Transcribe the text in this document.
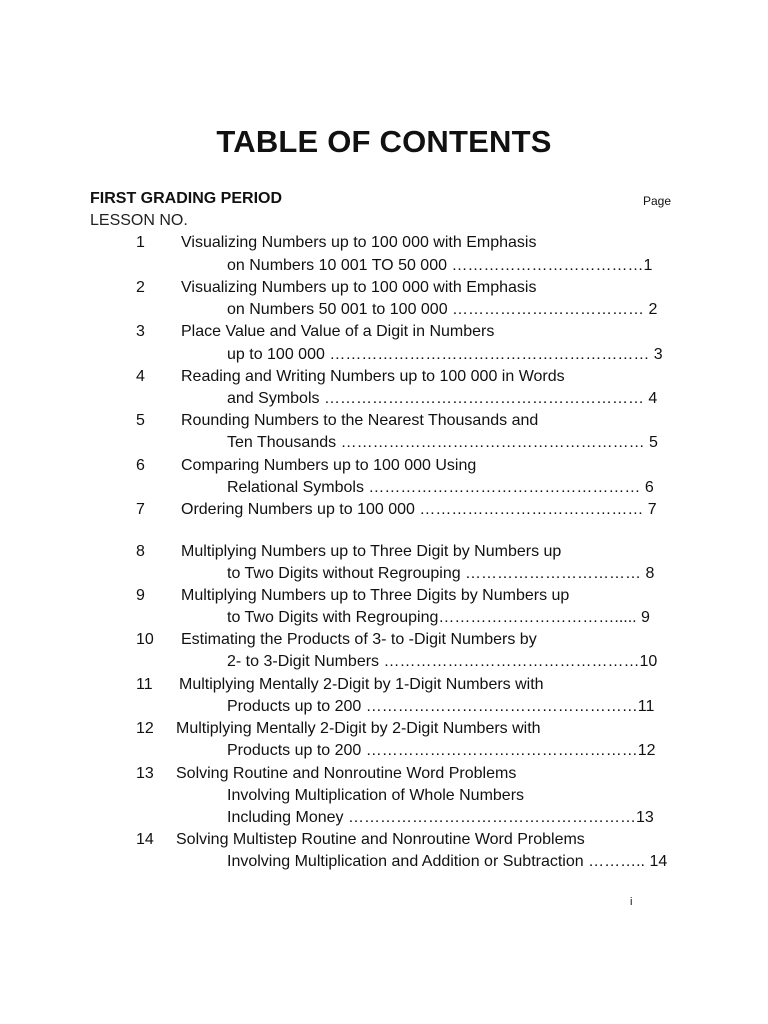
TABLE OF CONTENTS
FIRST GRADING PERIOD	Page
LESSON NO.
1 Visualizing Numbers up to 100 000 with Emphasis
on Numbers 10 001 TO 50 000 ………………………………1
2 Visualizing Numbers up to 100 000 with Emphasis
on Numbers 50 001 to 100 000 ……………………………… 2
3 Place Value and Value of a Digit in Numbers
up to 100 000 …………………………………………………… 3
4 Reading and Writing Numbers up to 100 000 in Words
and Symbols …………………………………………………… 4
5 Rounding Numbers to the Nearest Thousands and
Ten Thousands ………………………………………………… 5
6 Comparing Numbers up to 100 000 Using
Relational Symbols …………………………………………… 6
7 Ordering Numbers up to 100 000 …………………………………… 7
8 Multiplying Numbers up to Three Digit by Numbers up
to Two Digits without Regrouping …………………………… 8
9 Multiplying Numbers up to Three Digits by Numbers up
to Two Digits with Regrouping……………………………..... 9
10 Estimating the Products of 3- to -Digit Numbers by
2- to 3-Digit Numbers …………………………………………10
11 Multiplying Mentally 2-Digit by 1-Digit Numbers with
Products up to 200 ……………………………………………11
12 Multiplying Mentally 2-Digit by 2-Digit Numbers with
Products up to 200 ……………………………………………12
13 Solving Routine and Nonroutine Word Problems
Involving Multiplication of Whole Numbers
Including Money ………………………………………………13
14 Solving Multistep Routine and Nonroutine Word Problems
Involving Multiplication and Addition or Subtraction ……….. 14
i
